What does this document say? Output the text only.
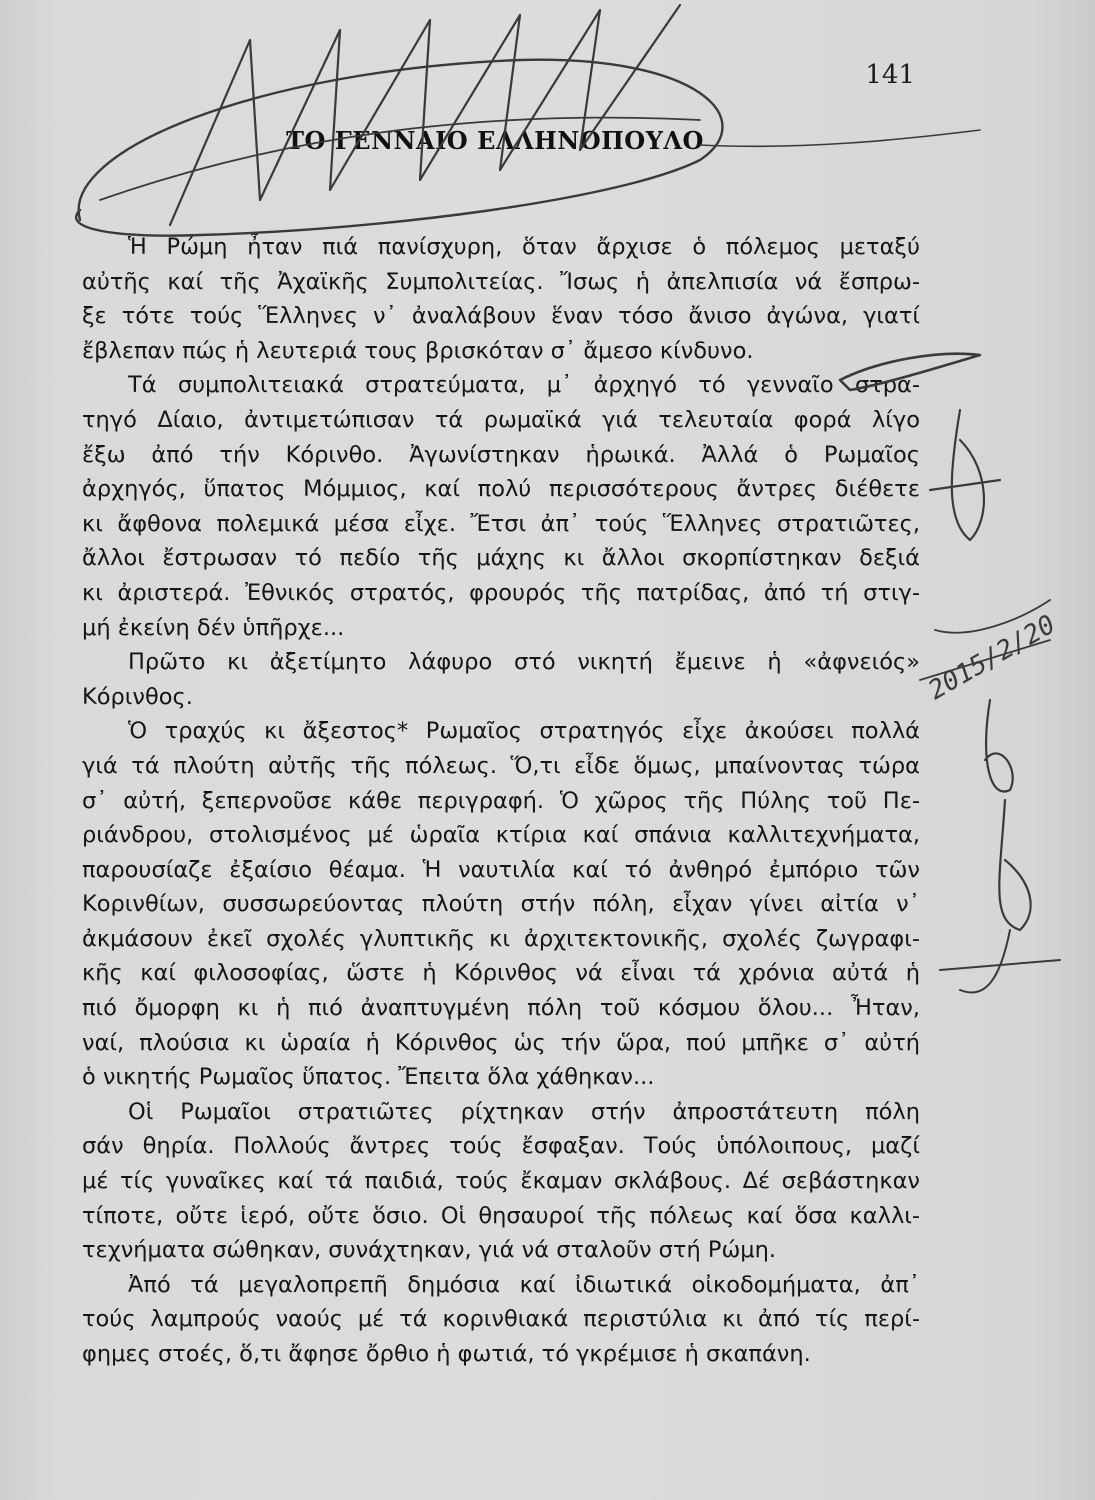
141
ΤΟ ΓΕΝΝΑΙΟ ΕΛΛΗΝΟΠΟΥΛΟ

Ἡ Ρώμη ἦταν πιά πανίσχυρη, ὅταν ἄρχισε ὁ πόλεμος μεταξύ
αὐτῆς καί τῆς Ἀχαϊκῆς Συμπολιτείας. Ἴσως ἡ ἀπελπισία νά ἔσπρω-
ξε τότε τούς Ἕλληνες ν᾽ ἀναλάβουν ἕναν τόσο ἄνισο ἀγώνα, γιατί
ἔβλεπαν πώς ἡ λευτεριά τους βρισκόταν σ᾽ ἄμεσο κίνδυνο.

Τά συμπολιτειακά στρατεύματα, μ᾽ ἀρχηγό τό γενναῖο στρα-
τηγό Δίαιο, ἀντιμετώπισαν τά ρωμαϊκά γιά τελευταία φορά λίγο
ἔξω ἀπό τήν Κόρινθο. Ἀγωνίστηκαν ἡρωικά. Ἀλλά ὁ Ρωμαῖος
ἀρχηγός, ὕπατος Μόμμιος, καί πολύ περισσότερους ἄντρες διέθετε
κι ἄφθονα πολεμικά μέσα εἶχε. Ἔτσι ἀπ᾽ τούς Ἕλληνες στρατιῶτες,
ἄλλοι ἔστρωσαν τό πεδίο τῆς μάχης κι ἄλλοι σκορπίστηκαν δεξιά
κι ἀριστερά. Ἐθνικός στρατός, φρουρός τῆς πατρίδας, ἀπό τή στιγ-
μή ἐκείνη δέν ὑπῆρχε...

Πρῶτο κι ἀξετίμητο λάφυρο στό νικητή ἔμεινε ἡ «ἀφνειός»
Κόρινθος.

Ὁ τραχύς κι ἄξεστος* Ρωμαῖος στρατηγός εἶχε ἀκούσει πολλά
γιά τά πλούτη αὐτῆς τῆς πόλεως. Ὅ,τι εἶδε ὅμως, μπαίνοντας τώρα
σ᾽ αὐτή, ξεπερνοῦσε κάθε περιγραφή. Ὁ χῶρος τῆς Πύλης τοῦ Πε-
ριάνδρου, στολισμένος μέ ὡραῖα κτίρια καί σπάνια καλλιτεχνήματα,
παρουσίαζε ἐξαίσιο θέαμα. Ἡ ναυτιλία καί τό ἀνθηρό ἐμπόριο τῶν
Κορινθίων, συσσωρεύοντας πλούτη στήν πόλη, εἶχαν γίνει αἰτία ν᾽
ἀκμάσουν ἐκεῖ σχολές γλυπτικῆς κι ἀρχιτεκτονικῆς, σχολές ζωγραφι-
κῆς καί φιλοσοφίας, ὥστε ἡ Κόρινθος νά εἶναι τά χρόνια αὐτά ἡ
πιό ὄμορφη κι ἡ πιό ἀναπτυγμένη πόλη τοῦ κόσμου ὅλου... Ἦταν,
ναί, πλούσια κι ὡραία ἡ Κόρινθος ὡς τήν ὥρα, πού μπῆκε σ᾽ αὐτή
ὁ νικητής Ρωμαῖος ὕπατος. Ἔπειτα ὅλα χάθηκαν...

Οἱ Ρωμαῖοι στρατιῶτες ρίχτηκαν στήν ἀπροστάτευτη πόλη
σάν θηρία. Πολλούς ἄντρες τούς ἔσφαξαν. Τούς ὑπόλοιπους, μαζί
μέ τίς γυναῖκες καί τά παιδιά, τούς ἔκαμαν σκλάβους. Δέ σεβάστηκαν
τίποτε, οὔτε ἱερό, οὔτε ὅσιο. Οἱ θησαυροί τῆς πόλεως καί ὅσα καλλι-
τεχνήματα σώθηκαν, συνάχτηκαν, γιά νά σταλοῦν στή Ρώμη.

Ἀπό τά μεγαλοπρεπῆ δημόσια καί ἰδιωτικά οἰκοδομήματα, ἀπ᾽
τούς λαμπρούς ναούς μέ τά κορινθιακά περιστύλια κι ἀπό τίς περί-
φημες στοές, ὅ,τι ἄφησε ὄρθιο ἡ φωτιά, τό γκρέμισε ἡ σκαπάνη.

2015/2/20
